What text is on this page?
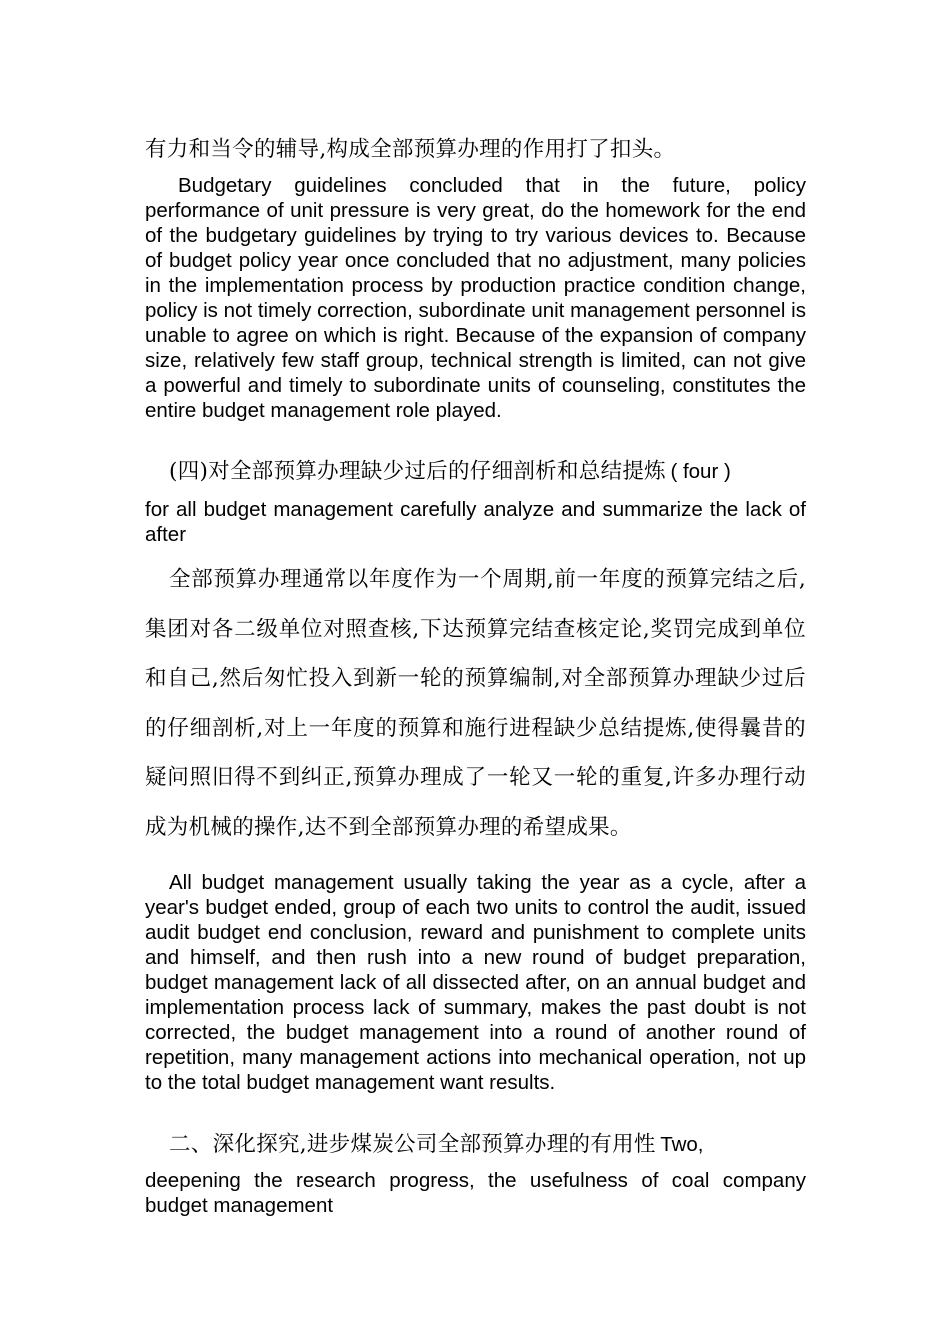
有力和当令的辅导,构成全部预算办理的作用打了扣头。

Budgetary guidelines concluded that in the future, policy performance of unit pressure is very great, do the homework for the end of the budgetary guidelines by trying to try various devices to. Because of budget policy year once concluded that no adjustment, many policies in the implementation process by production practice condition change, policy is not timely correction, subordinate unit management personnel is unable to agree on which is right. Because of the expansion of company size, relatively few staff group, technical strength is limited, can not give a powerful and timely to subordinate units of counseling, constitutes the entire budget management role played.

(四)对全部预算办理缺少过后的仔细剖析和总结提炼 ( four )

for all budget management carefully analyze and summarize the lack of after

全部预算办理通常以年度作为一个周期,前一年度的预算完结之后,集团对各二级单位对照查核,下达预算完结查核定论,奖罚完成到单位和自己,然后匆忙投入到新一轮的预算编制,对全部预算办理缺少过后的仔细剖析,对上一年度的预算和施行进程缺少总结提炼,使得曩昔的疑问照旧得不到纠正,预算办理成了一轮又一轮的重复,许多办理行动成为机械的操作,达不到全部预算办理的希望成果。

All budget management usually taking the year as a cycle, after a year's budget ended, group of each two units to control the audit, issued audit budget end conclusion, reward and punishment to complete units and himself, and then rush into a new round of budget preparation, budget management lack of all dissected after, on an annual budget and implementation process lack of summary, makes the past doubt is not corrected, the budget management into a round of another round of repetition, many management actions into mechanical operation, not up to the total budget management want results.

二、深化探究,进步煤炭公司全部预算办理的有用性 Two,

deepening the research progress, the usefulness of coal company budget management
